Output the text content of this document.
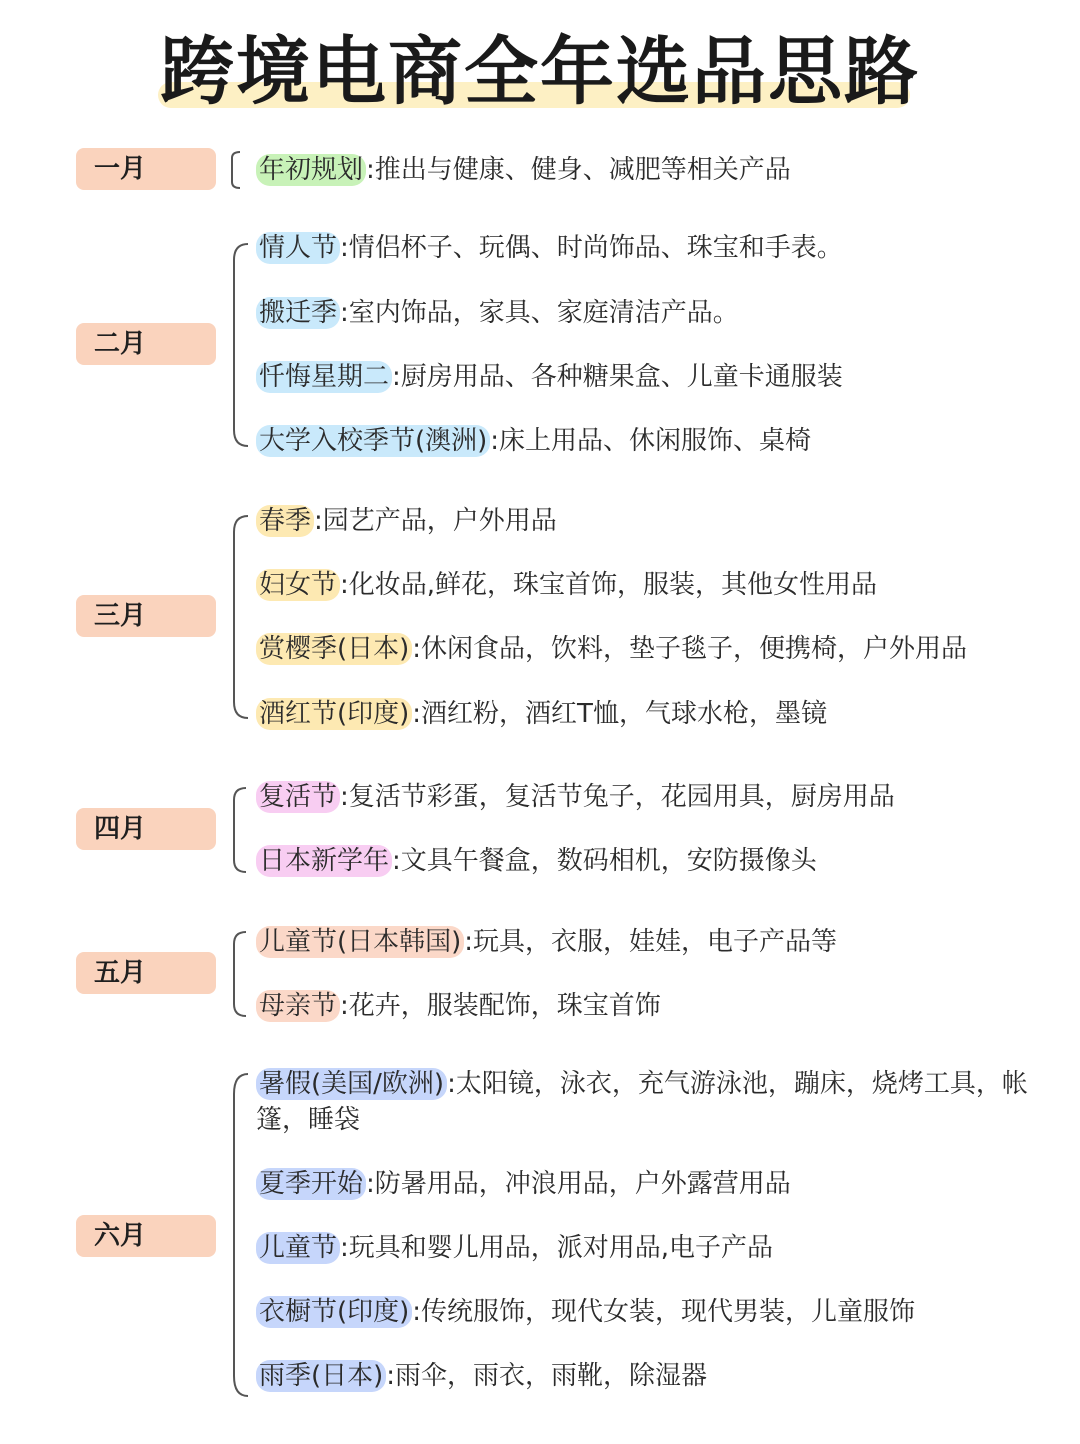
跨境电商全年选品思路
一月	年初规划 :推出与健康、健身、减肥等相关产品
二月
情人节 :情侣杯子、玩偶、时尚饰品、珠宝和手表。
搬迁季 :室内饰品，家具、家庭清洁产品。
忏悔星期二 :厨房用品、各种糖果盒、儿童卡通服装
大学入校季节(澳洲) :床上用品、休闲服饰、桌椅
三月
春季 :园艺产品，户外用品
妇女节 :化妆品,鲜花，珠宝首饰，服装，其他女性用品
赏樱季(日本) :休闲食品，饮料，垫子毯子，便携椅，户外用品
酒红节(印度) :酒红粉，酒红T恤，气球水枪，墨镜
四月
复活节 :复活节彩蛋，复活节兔子，花园用具，厨房用品
日本新学年 :文具午餐盒，数码相机，安防摄像头
五月
儿童节(日本韩国) :玩具，衣服，娃娃，电子产品等
母亲节 :花卉，服装配饰，珠宝首饰
六月
暑假(美国/欧洲) :太阳镜，泳衣，充气游泳池，蹦床，烧烤工具，帐篷，睡袋
夏季开始 :防暑用品，冲浪用品，户外露营用品
儿童节 :玩具和婴儿用品，派对用品,电子产品
衣橱节(印度) :传统服饰，现代女装，现代男装，儿童服饰
雨季(日本) :雨伞，雨衣，雨靴，除湿器
